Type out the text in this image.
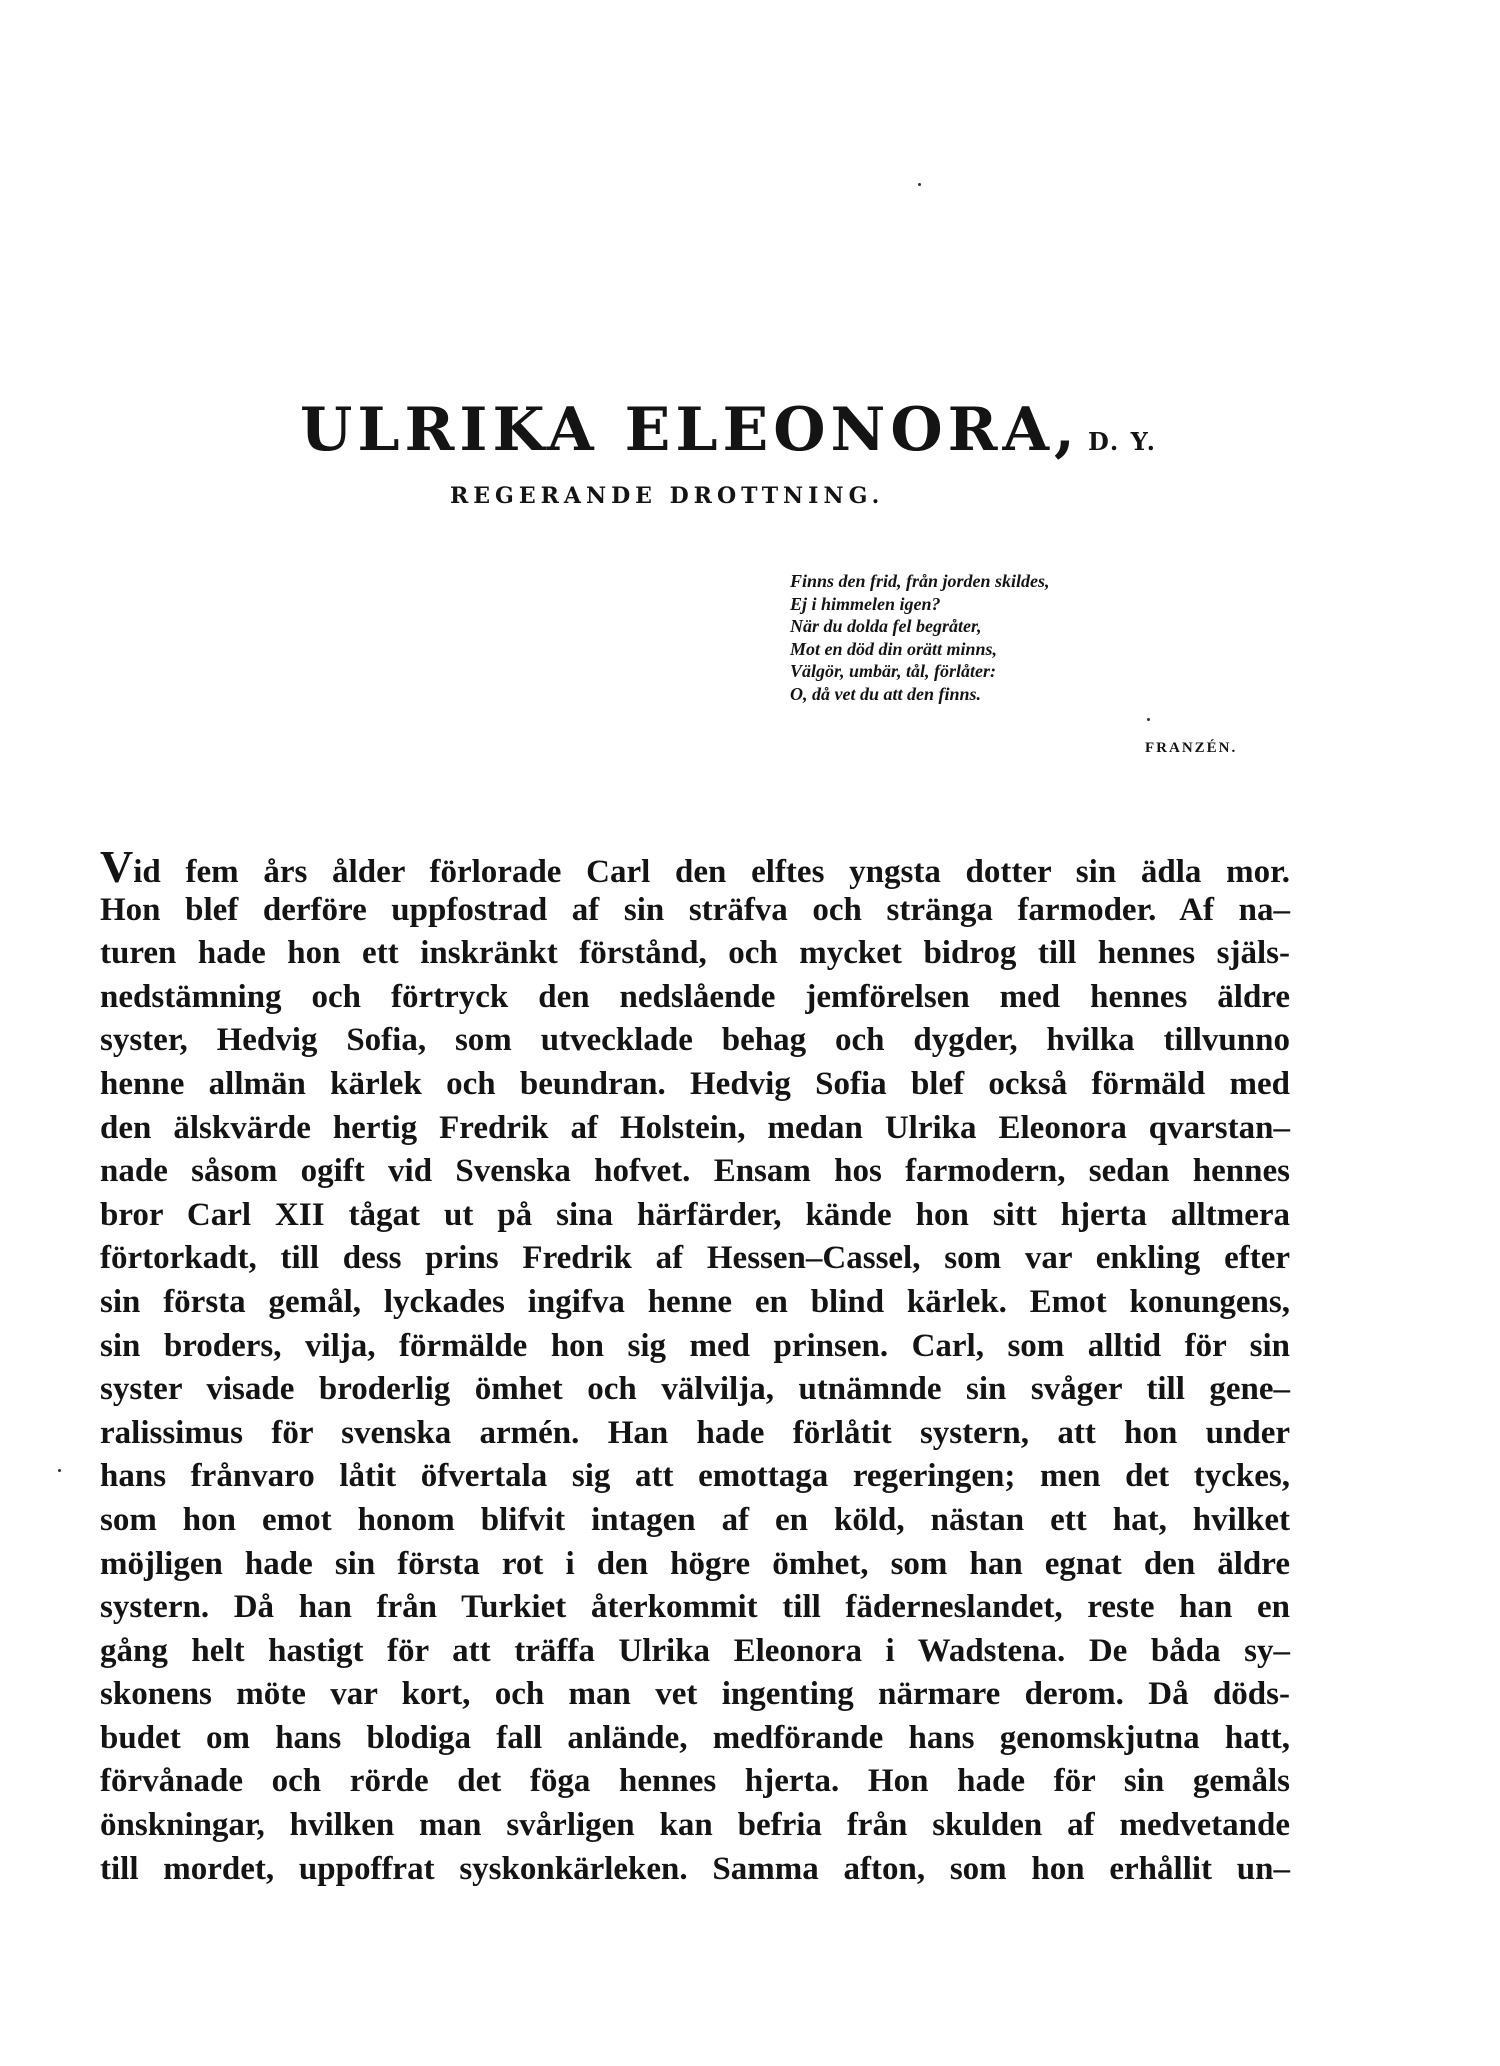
ULRIKA ELEONORA, D. Y.
REGERANDE DROTTNING.
Finns den frid, från jorden skildes,
Ej i himmelen igen?
När du dolda fel begråter,
Mot en död din orätt minns,
Välgör, umbär, tål, förlåter:
O, då vet du att den finns.
FRANZÉN.
Vid fem års ålder förlorade Carl den elftes yngsta dotter sin ädla mor.
Hon blef derföre uppfostrad af sin sträfva och stränga farmoder. Af na–
turen hade hon ett inskränkt förstånd, och mycket bidrog till hennes själs-
nedstämning och förtryck den nedslående jemförelsen med hennes äldre
syster, Hedvig Sofia, som utvecklade behag och dygder, hvilka tillvunno
henne allmän kärlek och beundran. Hedvig Sofia blef också förmäld med
den älskvärde hertig Fredrik af Holstein, medan Ulrika Eleonora qvarstan–
nade såsom ogift vid Svenska hofvet. Ensam hos farmodern, sedan hennes
bror Carl XII tågat ut på sina härfärder, kände hon sitt hjerta alltmera
förtorkadt, till dess prins Fredrik af Hessen–Cassel, som var enkling efter
sin första gemål, lyckades ingifva henne en blind kärlek. Emot konungens,
sin broders, vilja, förmälde hon sig med prinsen. Carl, som alltid för sin
syster visade broderlig ömhet och välvilja, utnämnde sin svåger till gene–
ralissimus för svenska armén. Han hade förlåtit systern, att hon under
hans frånvaro låtit öfvertala sig att emottaga regeringen; men det tyckes,
som hon emot honom blifvit intagen af en köld, nästan ett hat, hvilket
möjligen hade sin första rot i den högre ömhet, som han egnat den äldre
systern. Då han från Turkiet återkommit till fäderneslandet, reste han en
gång helt hastigt för att träffa Ulrika Eleonora i Wadstena. De båda sy–
skonens möte var kort, och man vet ingenting närmare derom. Då döds-
budet om hans blodiga fall anlände, medförande hans genomskjutna hatt,
förvånade och rörde det föga hennes hjerta. Hon hade för sin gemåls
önskningar, hvilken man svårligen kan befria från skulden af medvetande
till mordet, uppoffrat syskonkärleken. Samma afton, som hon erhållit un–
